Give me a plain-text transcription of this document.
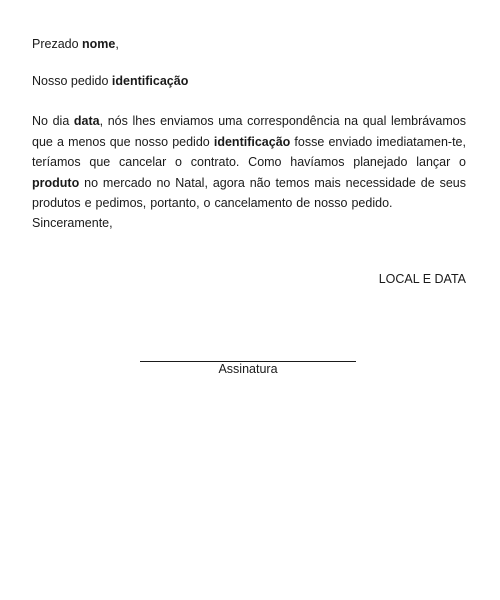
Prezado nome,
Nosso pedido identificação
No dia data, nós lhes enviamos uma correspondência na qual lembrávamos que a menos que nosso pedido identificação fosse enviado imediatamen-te, teríamos que cancelar o contrato. Como havíamos planejado lançar o produto no mercado no Natal, agora não temos mais necessidade de seus produtos e pedimos, portanto, o cancelamento de nosso pedido.
Sinceramente,
LOCAL E DATA
Assinatura
